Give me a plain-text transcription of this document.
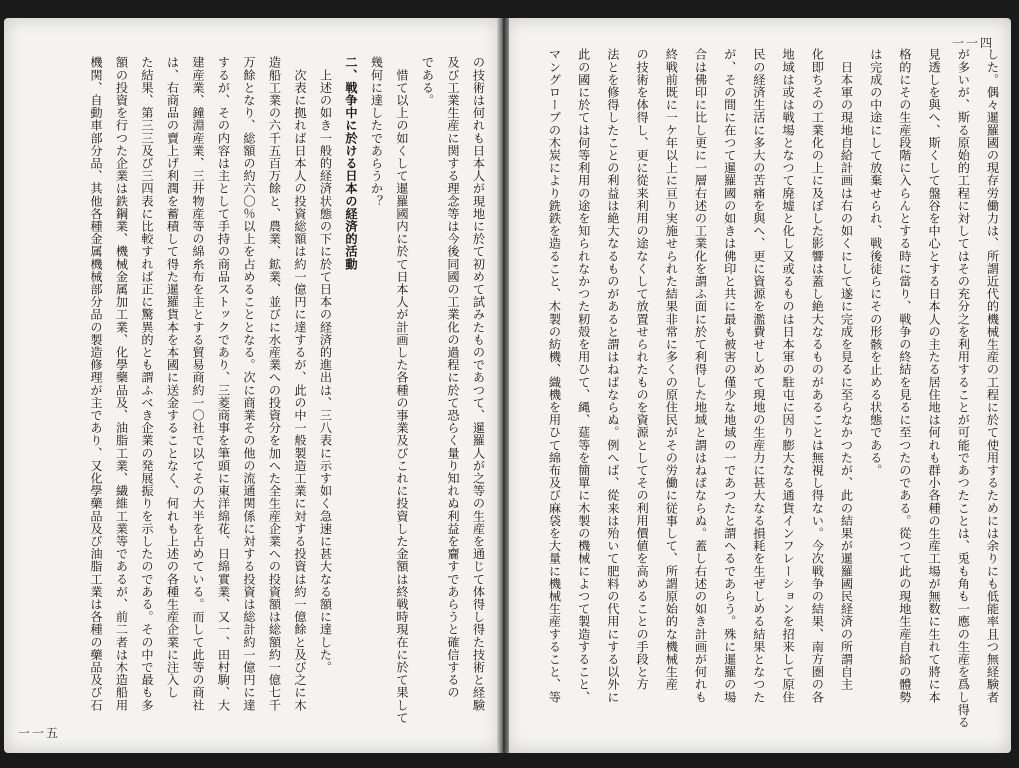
した。偶々暹羅國の現存労働力は、所謂近代的機械生産の工程に於て使用するためには余りにも低能率且つ無経験者
が多いが、斯る原始的工程に対してはその充分之を利用することが可能であつたことは、兎も角も一應の生産を爲し得る
見透しを與へ、斯くして盤谷を中心とする日本人の主たる居住地は何れも群小各種の生産工場が無数に生れて將に本
格的にその生産段階に入らんとする時に當り、戦争の終結を見るに至つたのである。從つて此の現地生産自給の體勢
は完成の中途にして放棄せられ、戦後徒らにその形骸を止める状態である。
　日本軍の現地自給計画は右の如くにして遂に完成を見るに至らなかつたが、此の結果が暹羅國民経済の所謂自主
化即ちその工業化の上に及ぼした影響は蓋し絶大なるものがあることは無視し得ない。今次戦争の結果、南方圏の各
地域は或は戦場となつて廃墟と化し又或るものは日本軍の駐屯に因り膨大なる通貨インフレーションを招来して原住
民の経済生活に多大の苦痛を與へ、更に資源を濫費せしめて現地の生産力に甚大なる損耗を生ぜしめる結果となつた
が、その間に在つて暹羅國の如きは佛印と共に最も被害の僅少な地域の一であつたと謂へるであらう。殊に暹羅の場
合は佛印に比し更に一層右述の工業化を謂ふ面に於て利得した地域と謂はねばならぬ。蓋し右述の如き計画が何れも
終戦前既に一ケ年以上に亘り実施せられた結果非常に多くの原住民がその労働に従事して、所謂原始的な機械生産
の技術を体得し、更に從来利用の途なくして放置せられたものを資源としてその利用價値を高めることの手段と方
法とを修得したことの利益は絶大なるものがあると謂はねばならぬ。例へば、從来は殆いて肥料の代用にする以外に
此の國に於ては何等利用の途を知られなかつた籾殻を用ひて、縄、莚等を簡單に木製の機械によつて製造すること、
マングローブの木炭により銑鉄を造ること、木製の紡機、織機を用ひて綿布及び麻袋を大量に機械生産すること、等
の技術は何れも日本人が現地に於て初めて試みたものであつて、暹羅人が之等の生産を通じて体得し得た技術と経験
及び工業生産に関する理念等は今後同國の工業化の過程に於て恐らく量り知れぬ利益を齎すであらうと確信するの
である。
　惜て以上の如くして暹羅國内に於て日本人が計画した各種の事業及びこれに投資した金額は終戦時現在に於て果して
幾何に達したであらうか？
二、戦争中に於ける日本の経済的活動
　上述の如き一般的経済状態の下に於て日本の経済的進出は、三八表に示す如く急速に甚大なる額に達した。
　次表に拠れば日本人の投資総額は約一億円に達するが、此の中一般製造工業に対する投資は約一億餘と及び之に木
造船工業の六千五百万餘と、農業、鉱業、並びに水産業への投資分を加へた全生産企業への投資額は総額約一億七千
万餘となり、総額の約六〇％以上を占めることとなる。次に商業その他の流通関係に対する投資は総計約一億円に達
するが、その内容は主として手持の商品ストックであり、三菱商事を筆頭に東洋綿花、日綿實業、又一、田村駒、大
建産業、鐘淵産業、三井物産等の綿糸布を主とする貿易商約一〇社で以てその大半を占めている。而して此等の商社
は、右商品の賣上げ利潤を蓄積して得た暹羅貨本を本國に送金することなく、何れも上述の各種生産企業に注入し
た結果、第三三及び三四表に比較すれば正に驚異的とも謂ふべき企業の発展振りを示したのである。その中で最も多
額の投資を行つた企業は鉄鋼業、機械金属加工業、化學藥品及、油脂工業、繊維工業等であるが、前二者は木造船用
機関、自動車部分品、其他各種金属機械部分品の製造修理が主であり、又化學藥品及び油脂工業は各種の藥品及び石
一一四
一一五
